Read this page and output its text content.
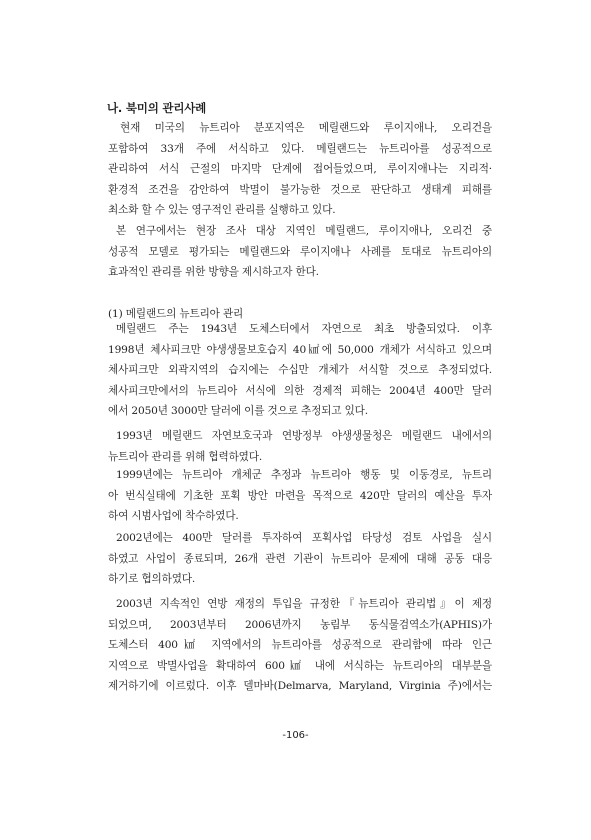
나. 북미의 관리사례
현재 미국의 뉴트리아 분포지역은 메릴랜드와 루이지애나, 오리건을
포함하여 33개 주에 서식하고 있다. 메릴랜드는 뉴트리아를 성공적으로
관리하여 서식 근절의 마지막 단계에 접어들었으며, 루이지애나는 지리적·
환경적 조건을 감안하여 박멸이 불가능한 것으로 판단하고 생태계 피해를
최소화 할 수 있는 영구적인 관리를 실행하고 있다.
본 연구에서는 현장 조사 대상 지역인 메릴랜드, 루이지애나, 오리건 중
성공적 모델로 평가되는 메릴랜드와 루이지애나 사례를 토대로 뉴트리아의
효과적인 관리를 위한 방향을 제시하고자 한다.
(1) 메릴랜드의 뉴트리아 관리
메릴랜드 주는 1943년 도체스터에서 자연으로 최초 방출되었다. 이후
1998년 체사피크만 야생생물보호습지 40㎢에 50,000 개체가 서식하고 있으며
체사피크만 외곽지역의 습지에는 수십만 개체가 서식할 것으로 추정되었다.
체사피크만에서의 뉴트리아 서식에 의한 경제적 피해는 2004년 400만 달러
에서 2050년 3000만 달러에 이를 것으로 추정되고 있다.
1993년 메릴랜드 자연보호국과 연방정부 야생생물청은 메릴랜드 내에서의
뉴트리아 관리를 위해 협력하였다.
1999년에는 뉴트리아 개체군 추정과 뉴트리아 행동 및 이동경로, 뉴트리
아 번식실태에 기초한 포획 방안 마련을 목적으로 420만 달러의 예산을 투자
하여 시범사업에 착수하였다.
2002년에는 400만 달러를 투자하여 포획사업 타당성 검토 사업을 실시
하였고 사업이 종료되며, 26개 관련 기관이 뉴트리아 문제에 대해 공동 대응
하기로 협의하였다.
2003년 지속적인 연방 재정의 투입을 규정한『뉴트리아 관리법』이 제정
되었으며, 2003년부터 2006년까지 농림부 동식물검역소가(APHIS)가
도체스터 400㎢ 지역에서의 뉴트리아를 성공적으로 관리함에 따라 인근
지역으로 박멸사업을 확대하여 600㎢ 내에 서식하는 뉴트리아의 대부분을
제거하기에 이르렀다. 이후 델마바(Delmarva, Maryland, Virginia 주)에서는
-106-
